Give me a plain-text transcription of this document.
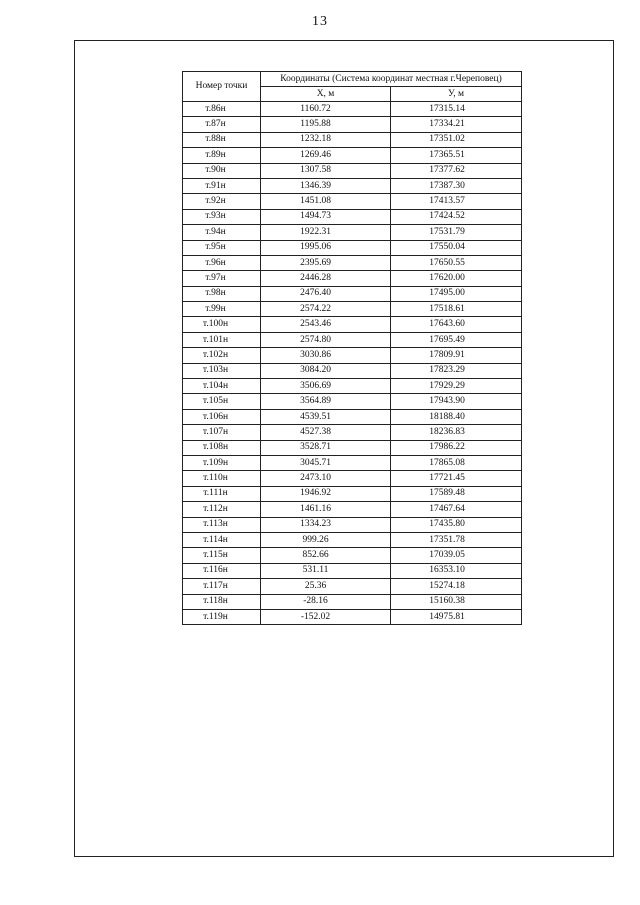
13
Номер точки	Координаты (Система координат местная г.Череповец)	
	X, м	У, м
т.86н	1160.72	17315.14
т.87н	1195.88	17334.21
т.88н	1232.18	17351.02
т.89н	1269.46	17365.51
т.90н	1307.58	17377.62
т.91н	1346.39	17387.30
т.92н	1451.08	17413.57
т.93н	1494.73	17424.52
т.94н	1922.31	17531.79
т.95н	1995.06	17550.04
т.96н	2395.69	17650.55
т.97н	2446.28	17620.00
т.98н	2476.40	17495.00
т.99н	2574.22	17518.61
т.100н	2543.46	17643.60
т.101н	2574.80	17695.49
т.102н	3030.86	17809.91
т.103н	3084.20	17823.29
т.104н	3506.69	17929.29
т.105н	3564.89	17943.90
т.106н	4539.51	18188.40
т.107н	4527.38	18236.83
т.108н	3528.71	17986.22
т.109н	3045.71	17865.08
т.110н	2473.10	17721.45
т.111н	1946.92	17589.48
т.112н	1461.16	17467.64
т.113н	1334.23	17435.80
т.114н	999.26	17351.78
т.115н	852.66	17039.05
т.116н	531.11	16353.10
т.117н	25.36	15274.18
т.118н	-28.16	15160.38
т.119н	-152.02	14975.81
